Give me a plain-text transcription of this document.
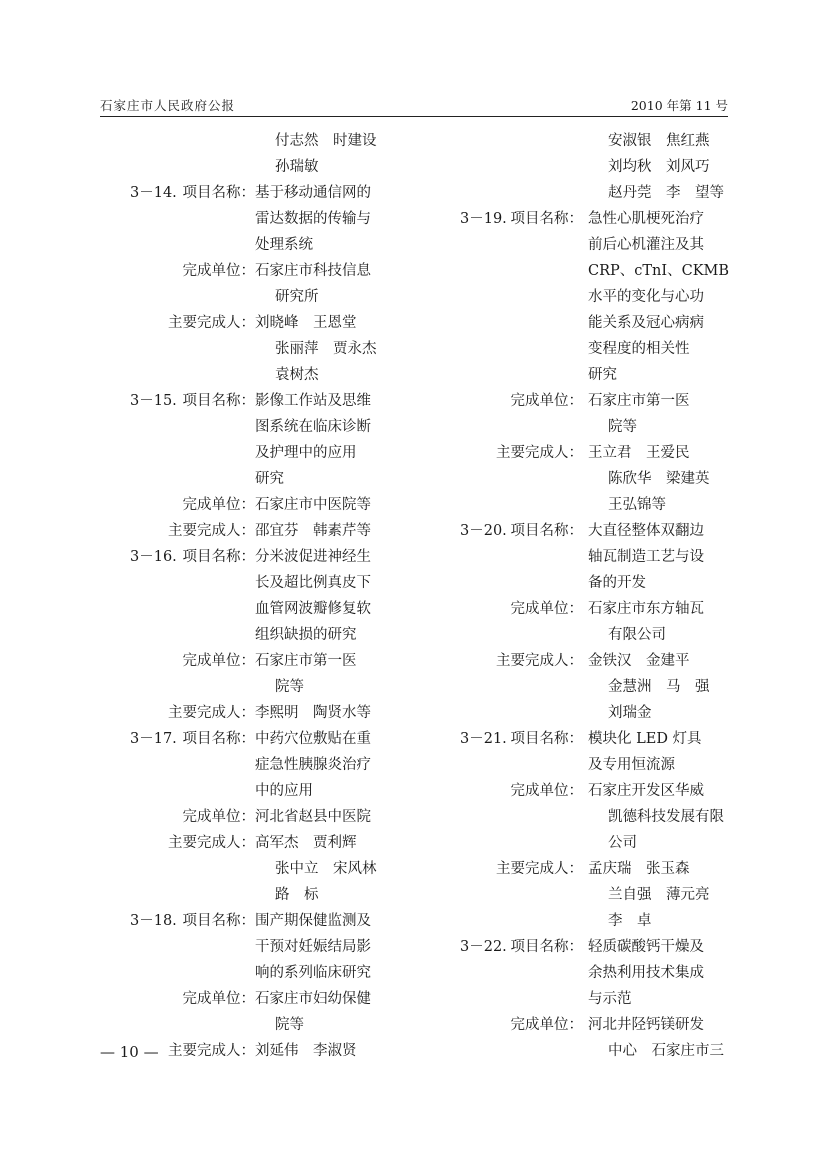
石家庄市人民政府公报	2010 年第 11 号
付志然　时建设
孙瑞敏
3－14. 项目名称： 基于移动通信网的
雷达数据的传输与
处理系统
完成单位： 石家庄市科技信息
研究所
主要完成人： 刘晓峰　王恩堂
张丽萍　贾永杰
袁树杰
3－15. 项目名称： 影像工作站及思维
图系统在临床诊断
及护理中的应用
研究
完成单位： 石家庄市中医院等
主要完成人： 邵宜芬　韩素芹等
3－16. 项目名称： 分米波促进神经生
长及超比例真皮下
血管网波瓣修复软
组织缺损的研究
完成单位： 石家庄市第一医
院等
主要完成人： 李熙明　陶贤水等
3－17. 项目名称： 中药穴位敷贴在重
症急性胰腺炎治疗
中的应用
完成单位： 河北省赵县中医院
主要完成人： 高军杰　贾利辉
张中立　宋风林
路　标
3－18. 项目名称： 围产期保健监测及
干预对妊娠结局影
响的系列临床研究
完成单位： 石家庄市妇幼保健
院等
主要完成人： 刘延伟　李淑贤
安淑银　焦红燕
刘均秋　刘风巧
赵丹莞　李　望等
3－19. 项目名称： 急性心肌梗死治疗
前后心机灌注及其
CRP、cTnI、CKMB
水平的变化与心功
能关系及冠心病病
变程度的相关性
研究
完成单位： 石家庄市第一医
院等
主要完成人： 王立君　王爱民
陈欣华　梁建英
王弘锦等
3－20. 项目名称： 大直径整体双翻边
轴瓦制造工艺与设
备的开发
完成单位： 石家庄市东方轴瓦
有限公司
主要完成人： 金铁汉　金建平
金慧洲　马　强
刘瑞金
3－21. 项目名称： 模块化 LED 灯具
及专用恒流源
完成单位： 石家庄开发区华威
凯德科技发展有限
公司
主要完成人： 孟庆瑞　张玉森
兰自强　薄元亮
李　卓
3－22. 项目名称： 轻质碳酸钙干燥及
余热利用技术集成
与示范
完成单位： 河北井陉钙镁研发
中心　石家庄市三
— 10 —
